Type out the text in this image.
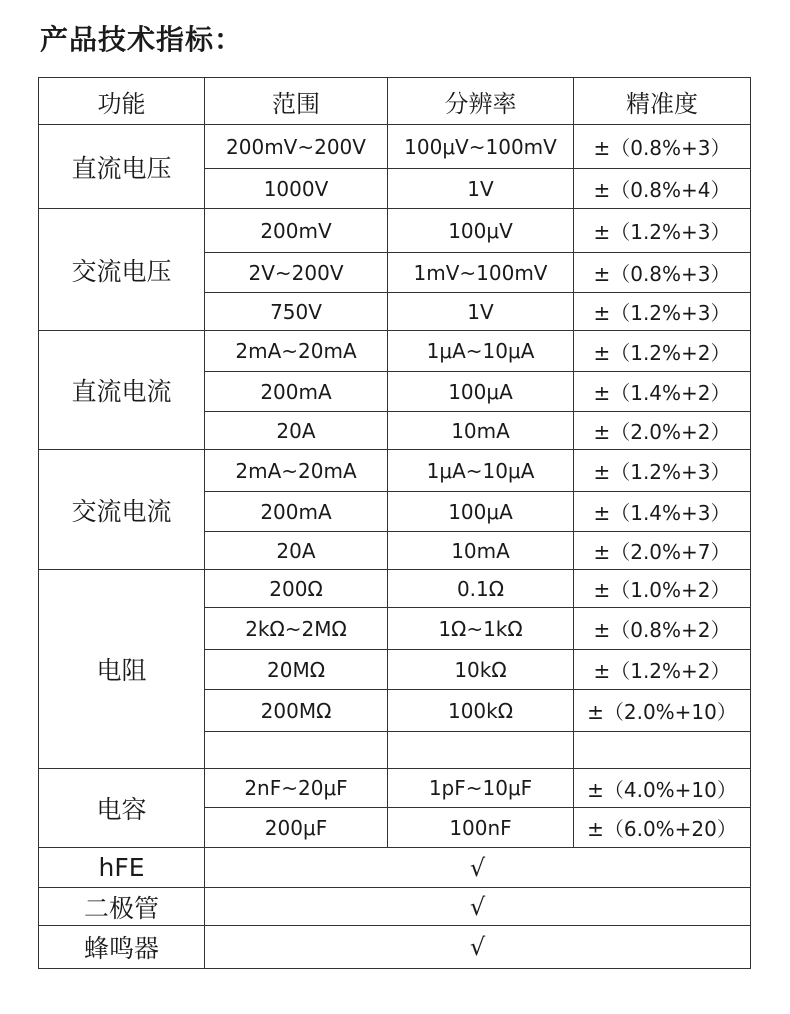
产品技术指标：
功能	范围	分辨率	精准度
直流电压	200mV~200V	100μV~100mV	±（0.8%+3）
	1000V	1V	±（0.8%+4）
交流电压	200mV	100μV	±（1.2%+3）
	2V~200V	1mV~100mV	±（0.8%+3）
	750V	1V	±（1.2%+3）
直流电流	2mA~20mA	1μA~10μA	±（1.2%+2）
	200mA	100μA	±（1.4%+2）
	20A	10mA	±（2.0%+2）
交流电流	2mA~20mA	1μA~10μA	±（1.2%+3）
	200mA	100μA	±（1.4%+3）
	20A	10mA	±（2.0%+7）
电阻	200Ω	0.1Ω	±（1.0%+2）
	2kΩ~2MΩ	1Ω~1kΩ	±（0.8%+2）
	20MΩ	10kΩ	±（1.2%+2）
	200MΩ	100kΩ	±（2.0%+10）

电容	2nF~20μF	1pF~10μF	±（4.0%+10）
	200μF	100nF	±（6.0%+20）
hFE	√		
二极管	√		
蜂鸣器	√		
